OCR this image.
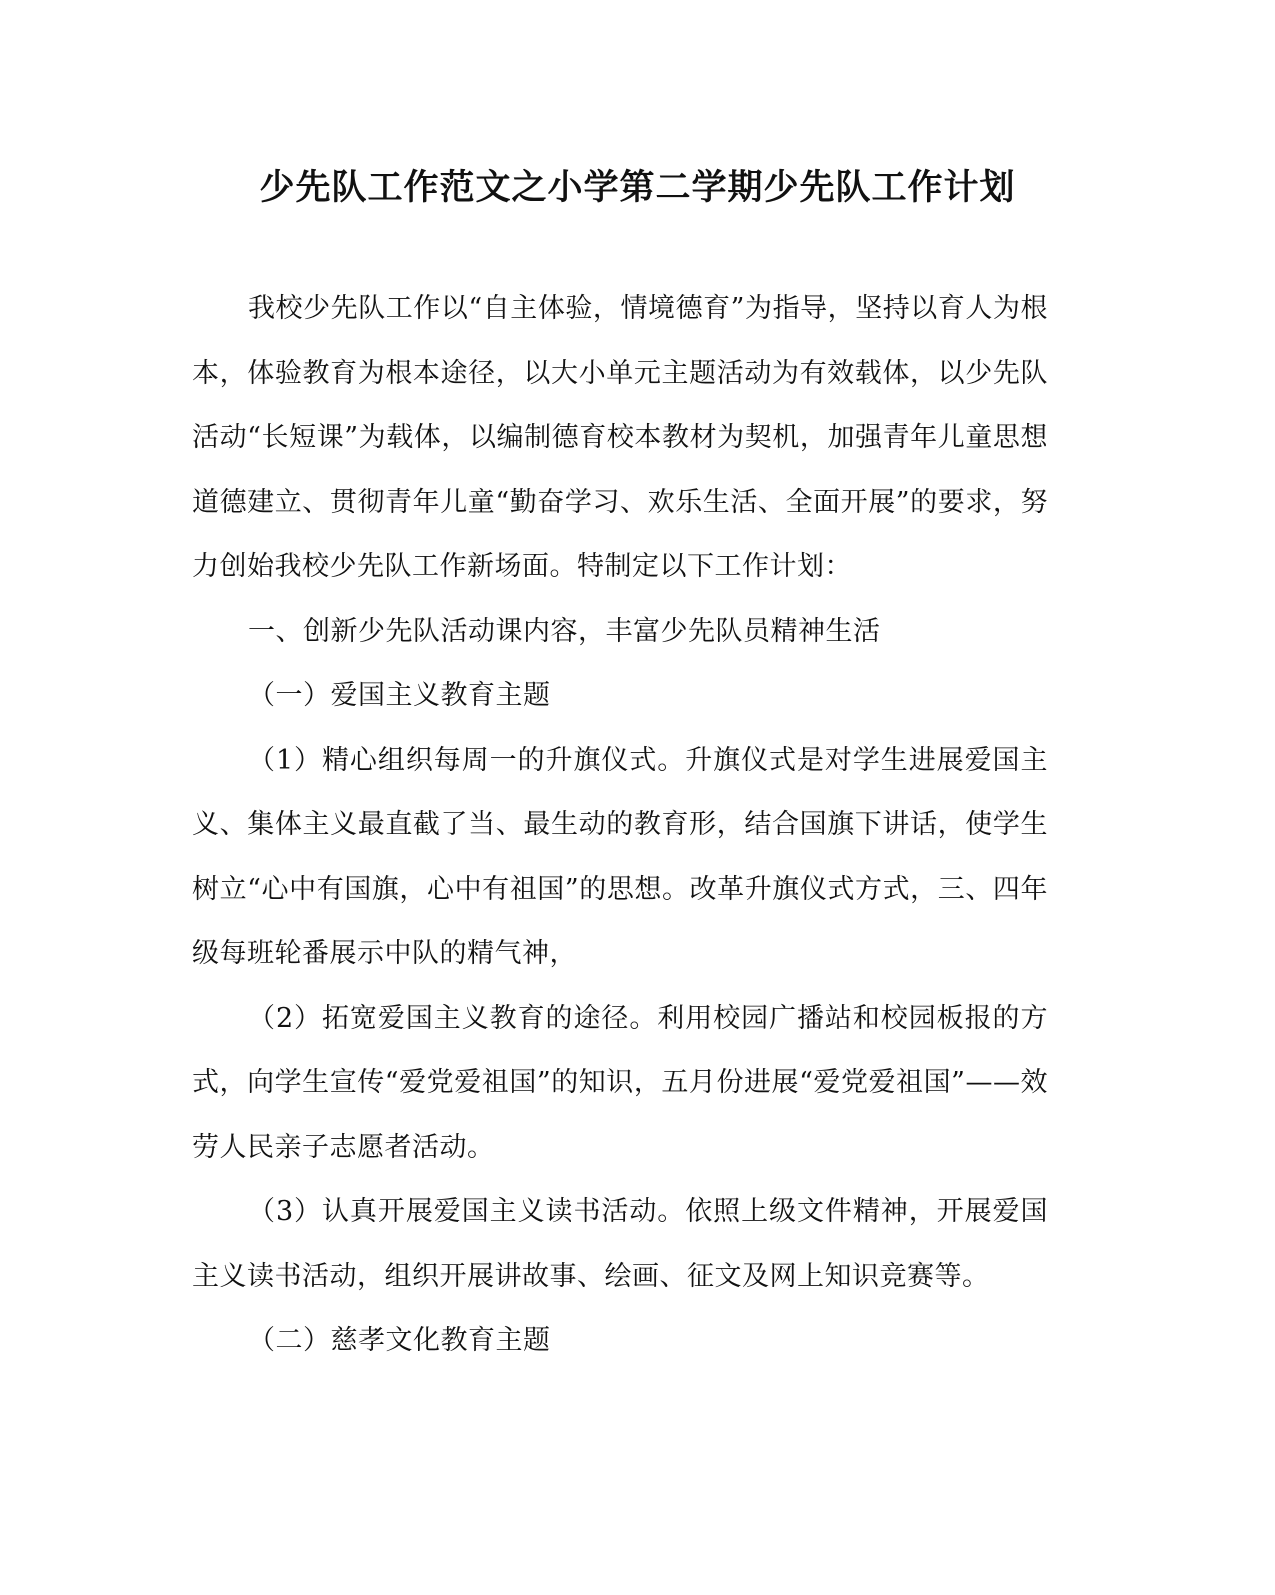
少先队工作范文之小学第二学期少先队工作计划

我校少先队工作以“自主体验，情境德育”为指导，坚持以育人为根本，体验教育为根本途径，以大小单元主题活动为有效载体，以少先队活动“长短课”为载体，以编制德育校本教材为契机，加强青年儿童思想道德建立、贯彻青年儿童“勤奋学习、欢乐生活、全面开展”的要求，努力创始我校少先队工作新场面。特制定以下工作计划：

一、创新少先队活动课内容，丰富少先队员精神生活

（一）爱国主义教育主题

（1）精心组织每周一的升旗仪式。升旗仪式是对学生进展爱国主义、集体主义最直截了当、最生动的教育形，结合国旗下讲话，使学生树立“心中有国旗，心中有祖国”的思想。改革升旗仪式方式，三、四年级每班轮番展示中队的精气神，

（2）拓宽爱国主义教育的途径。利用校园广播站和校园板报的方式，向学生宣传“爱党爱祖国”的知识，五月份进展“爱党爱祖国”——效劳人民亲子志愿者活动。

（3）认真开展爱国主义读书活动。依照上级文件精神，开展爱国主义读书活动，组织开展讲故事、绘画、征文及网上知识竞赛等。

（二）慈孝文化教育主题
